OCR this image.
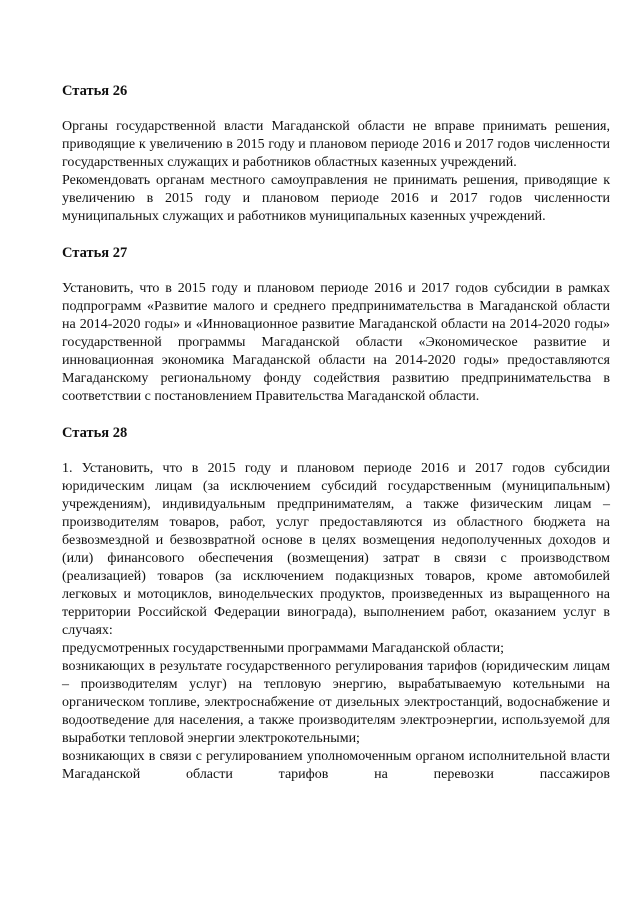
Статья 26

Органы государственной власти Магаданской области не вправе принимать решения, приводящие к увеличению в 2015 году и плановом периоде 2016 и 2017 годов численности государственных служащих и работников областных казенных учреждений.

Рекомендовать органам местного самоуправления не принимать решения, приводящие к увеличению в 2015 году и плановом периоде 2016 и 2017 годов численности муниципальных служащих и работников муниципальных казенных учреждений.

Статья 27

Установить, что в 2015 году и плановом периоде 2016 и 2017 годов субсидии в рамках подпрограмм «Развитие малого и среднего предпринимательства в Магаданской области на 2014-2020 годы» и «Инновационное развитие Магаданской области на 2014-2020 годы» государственной программы Магаданской области «Экономическое развитие и инновационная экономика Магаданской области на 2014-2020 годы» предоставляются Магаданскому региональному фонду содействия развитию предпринимательства в соответствии с постановлением Правительства Магаданской области.

Статья 28

1. Установить, что в 2015 году и плановом периоде 2016 и 2017 годов субсидии юридическим лицам (за исключением субсидий государственным (муниципальным) учреждениям), индивидуальным предпринимателям, а также физическим лицам – производителям товаров, работ, услуг предоставляются из областного бюджета на безвозмездной и безвозвратной основе в целях возмещения недополученных доходов и (или) финансового обеспечения (возмещения) затрат в связи с производством (реализацией) товаров (за исключением подакцизных товаров, кроме автомобилей легковых и мотоциклов, винодельческих продуктов, произведенных из выращенного на территории Российской Федерации винограда), выполнением работ, оказанием услуг в случаях:

предусмотренных государственными программами Магаданской области;

возникающих в результате государственного регулирования тарифов (юридическим лицам – производителям услуг) на тепловую энергию, вырабатываемую котельными на органическом топливе, электроснабжение от дизельных электростанций, водоснабжение и водоотведение для населения, а также производителям электроэнергии, используемой для выработки тепловой энергии электрокотельными;

возникающих в связи с регулированием уполномоченным органом исполнительной власти Магаданской области тарифов на перевозки пассажиров
